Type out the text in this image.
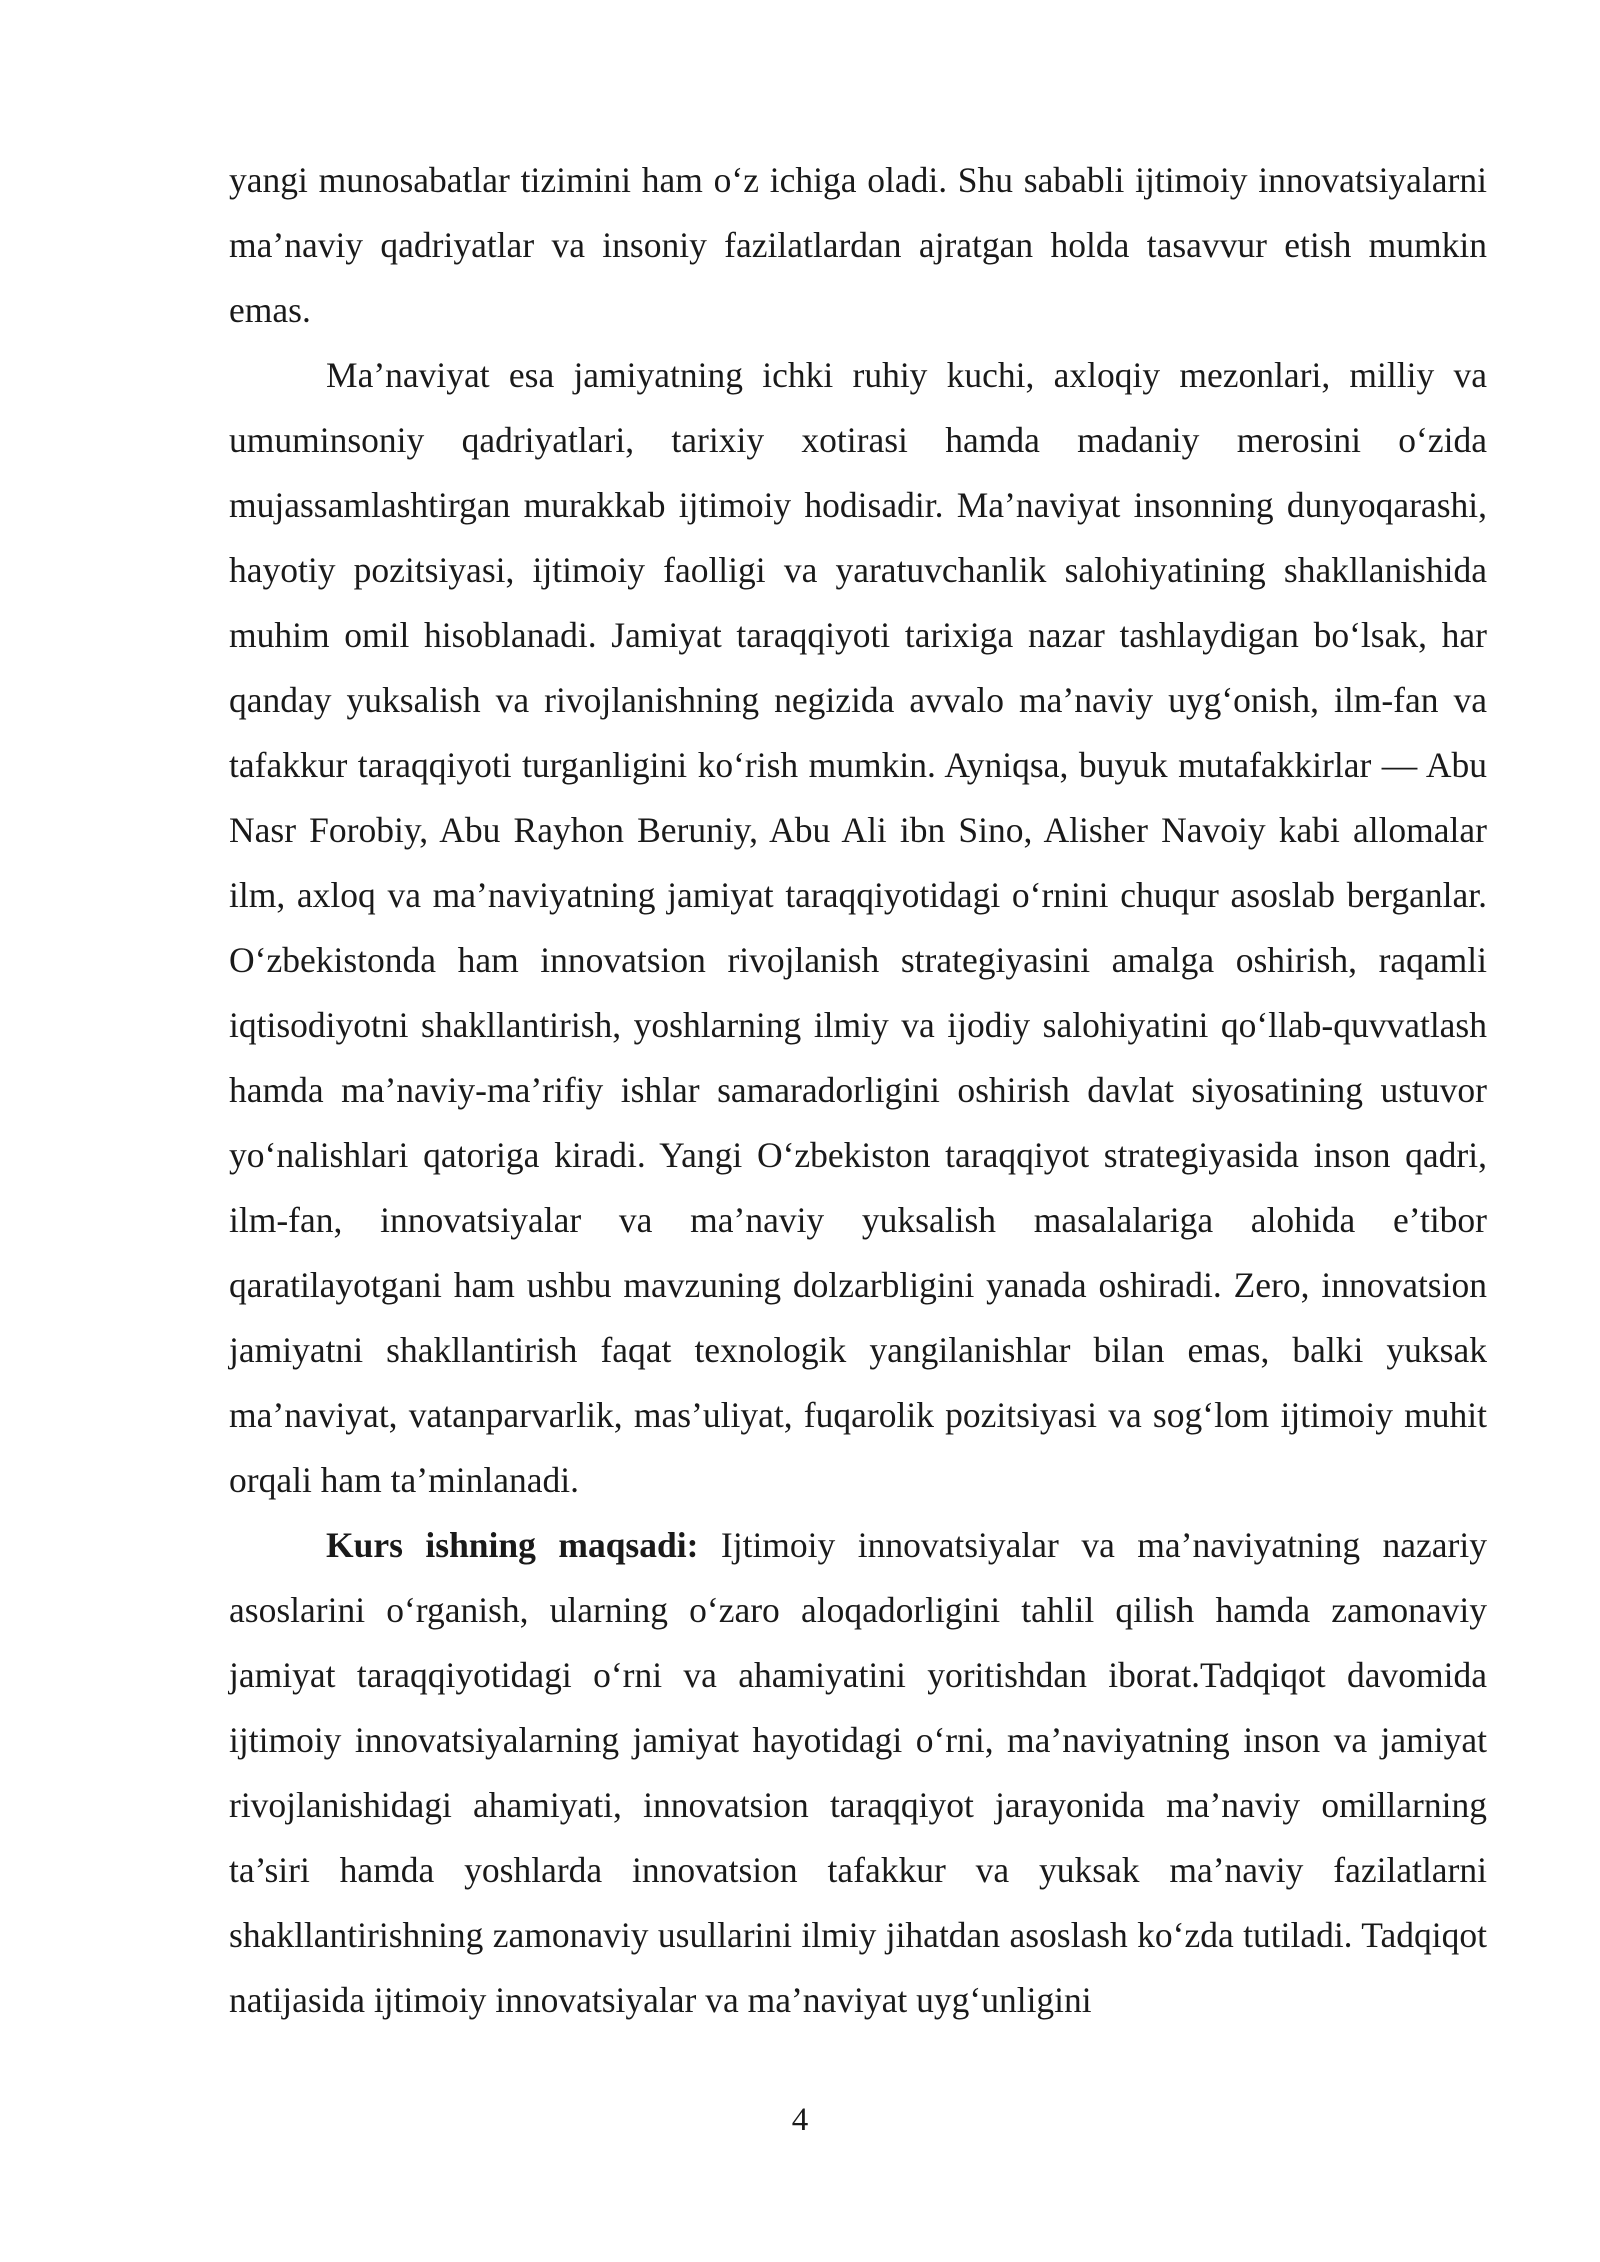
yangi munosabatlar tizimini ham o‘z ichiga oladi. Shu sababli ijtimoiy innovatsiyalarni ma’naviy qadriyatlar va insoniy fazilatlardan ajratgan holda tasavvur etish mumkin emas.

Ma’naviyat esa jamiyatning ichki ruhiy kuchi, axloqiy mezonlari, milliy va umuminsoniy qadriyatlari, tarixiy xotirasi hamda madaniy merosini o‘zida mujassamlashtirgan murakkab ijtimoiy hodisadir. Ma’naviyat insonning dunyoqarashi, hayotiy pozitsiyasi, ijtimoiy faolligi va yaratuvchanlik salohiyatining shakllanishida muhim omil hisoblanadi. Jamiyat taraqqiyoti tarixiga nazar tashlaydigan bo‘lsak, har qanday yuksalish va rivojlanishning negizida avvalo ma’naviy uyg‘onish, ilm-fan va tafakkur taraqqiyoti turganligini ko‘rish mumkin. Ayniqsa, buyuk mutafakkirlar — Abu Nasr Forobiy, Abu Rayhon Beruniy, Abu Ali ibn Sino, Alisher Navoiy kabi allomalar ilm, axloq va ma’naviyatning jamiyat taraqqiyotidagi o‘rnini chuqur asoslab berganlar. O‘zbekistonda ham innovatsion rivojlanish strategiyasini amalga oshirish, raqamli iqtisodiyotni shakllantirish, yoshlarning ilmiy va ijodiy salohiyatini qo‘llab-quvvatlash hamda ma’naviy-ma’rifiy ishlar samaradorligini oshirish davlat siyosatining ustuvor yo‘nalishlari qatoriga kiradi. Yangi O‘zbekiston taraqqiyot strategiyasida inson qadri, ilm-fan, innovatsiyalar va ma’naviy yuksalish masalalariga alohida e’tibor qaratilayotgani ham ushbu mavzuning dolzarbligini yanada oshiradi. Zero, innovatsion jamiyatni shakllantirish faqat texnologik yangilanishlar bilan emas, balki yuksak ma’naviyat, vatanparvarlik, mas’uliyat, fuqarolik pozitsiyasi va sog‘lom ijtimoiy muhit orqali ham ta’minlanadi.

Kurs ishning maqsadi: Ijtimoiy innovatsiyalar va ma’naviyatning nazariy asoslarini o‘rganish, ularning o‘zaro aloqadorligini tahlil qilish hamda zamonaviy jamiyat taraqqiyotidagi o‘rni va ahamiyatini yoritishdan iborat.Tadqiqot davomida ijtimoiy innovatsiyalarning jamiyat hayotidagi o‘rni, ma’naviyatning inson va jamiyat rivojlanishidagi ahamiyati, innovatsion taraqqiyot jarayonida ma’naviy omillarning ta’siri hamda yoshlarda innovatsion tafakkur va yuksak ma’naviy fazilatlarni shakllantirishning zamonaviy usullarini ilmiy jihatdan asoslash ko‘zda tutiladi. Tadqiqot natijasida ijtimoiy innovatsiyalar va ma’naviyat uyg‘unligini

4
